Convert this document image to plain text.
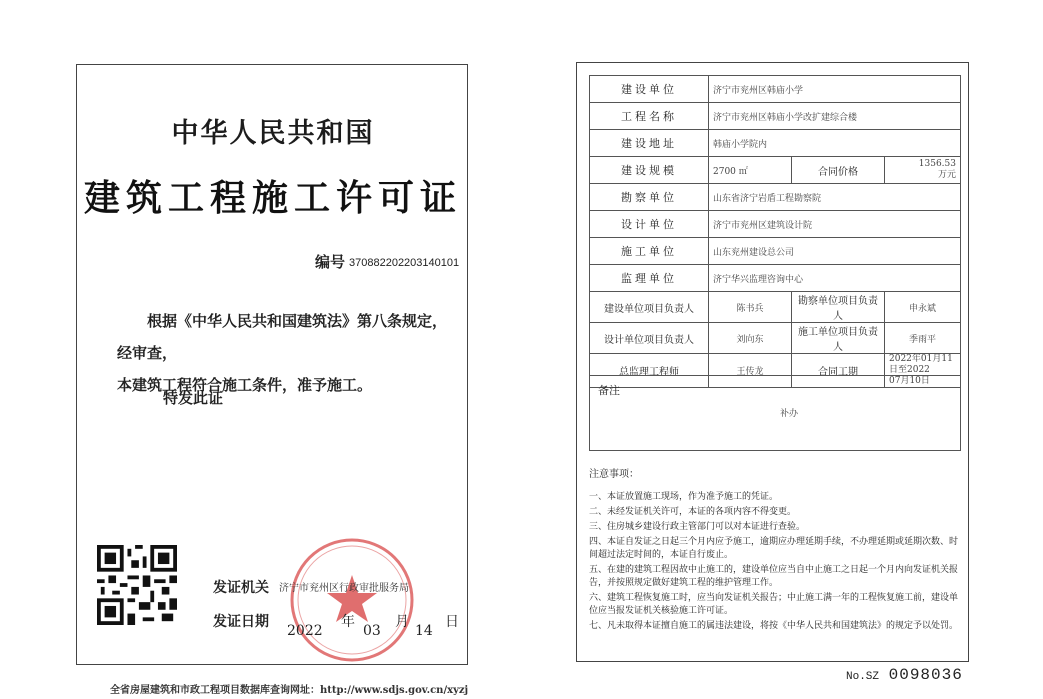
中华人民共和国
建筑工程施工许可证
编号 370882202203140101
根据《中华人民共和国建筑法》第八条规定，经审查，
本建筑工程符合施工条件，准予施工。
特发此证
发证机关 济宁市兖州区行政审批服务局
发证日期
2022
年
03
月
14
日
建设单位	济宁市兖州区韩庙小学		
工程名称	济宁市兖州区韩庙小学改扩建综合楼		
建设地址	韩庙小学院内		
建设规模	2700 ㎡	合同价格	1356.53
万元

勘察单位	山东省济宁岩盾工程勘察院		
设计单位	济宁市兖州区建筑设计院		
施工单位	山东兖州建设总公司		
监理单位	济宁华兴监理咨询中心		
建设单位项目负责人	陈书兵	勘察单位项目负责人	申永斌
设计单位项目负责人	刘向东	施工单位项目负责人	季雨平
总监理工程师	王传龙	合同工期	2022年01月11日至2022
07月10日
备注
补办
注意事项：
一、本证放置施工现场，作为准予施工的凭证。
二、未经发证机关许可，本证的各项内容不得变更。
三、住房城乡建设行政主管部门可以对本证进行查验。
四、本证自发证之日起三个月内应予施工，逾期应办理延期手续，不办理延期或延期次数、时间超过法定时间的，本证自行废止。
五、在建的建筑工程因故中止施工的，建设单位应当自中止施工之日起一个月内向发证机关报告，并按照规定做好建筑工程的维护管理工作。
六、建筑工程恢复施工时，应当向发证机关报告；中止施工满一年的工程恢复施工前，建设单位应当报发证机关核验施工许可证。
七、凡未取得本证擅自施工的属违法建设，将按《中华人民共和国建筑法》的规定予以处罚。
No.SZ 0098036
全省房屋建筑和市政工程项目数据库查询网址：http://www.sdjs.gov.cn/xyzj
